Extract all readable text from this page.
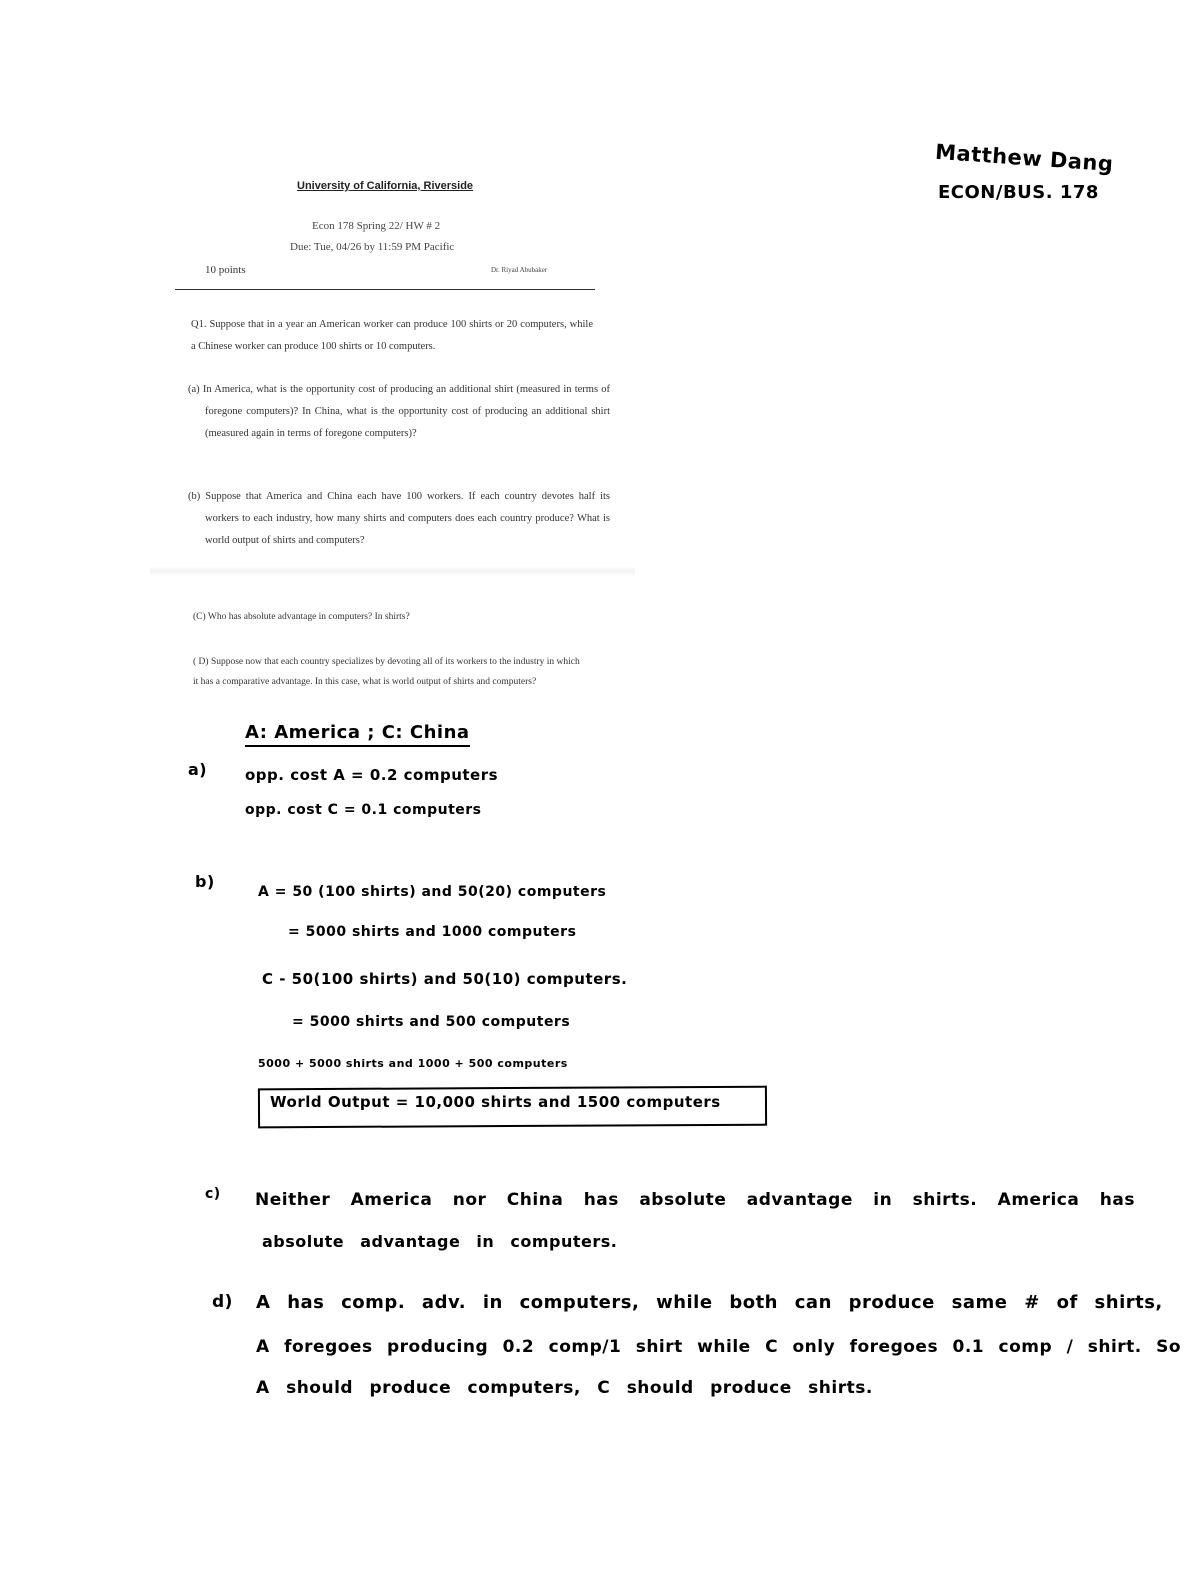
University of California, Riverside
Econ 178 Spring 22/ HW # 2
Due: Tue, 04/26 by 11:59 PM Pacific
10 points	Dr. Riyad Abubaker
Q1. Suppose that in a year an American worker can produce 100 shirts or 20 computers, while a Chinese worker can produce 100 shirts or 10 computers.
(a) In America, what is the opportunity cost of producing an additional shirt (measured in terms of foregone computers)? In China, what is the opportunity cost of producing an additional shirt (measured again in terms of foregone computers)?
(b) Suppose that America and China each have 100 workers. If each country devotes half its workers to each industry, how many shirts and computers does each country produce? What is world output of shirts and computers?
(C) Who has absolute advantage in computers? In shirts?
( D) Suppose now that each country specializes by devoting all of its workers to the industry in which it has a comparative advantage. In this case, what is world output of shirts and computers?
Matthew Dang
ECON/BUS. 178
A: America ; C: China
a)	opp. cost A = 0.2 computers
opp. cost C = 0.1 computers
b)
A = 50 (100 shirts) and 50(20) computers
= 5000 shirts and 1000 computers
C - 50(100 shirts) and 50(10) computers.
= 5000 shirts and 500 computers
5000 + 5000 shirts and 1000 + 500 computers
World Output = 10,000 shirts and 1500 computers
c) Neither America nor China has absolute advantage in shirts. America has
absolute advantage in computers.
d) A has comp. adv. in computers, while both can produce same # of shirts,
A foregoes producing 0.2 comp/1 shirt while C only foregoes 0.1 comp / shirt. So
A should produce computers, C should produce shirts.
